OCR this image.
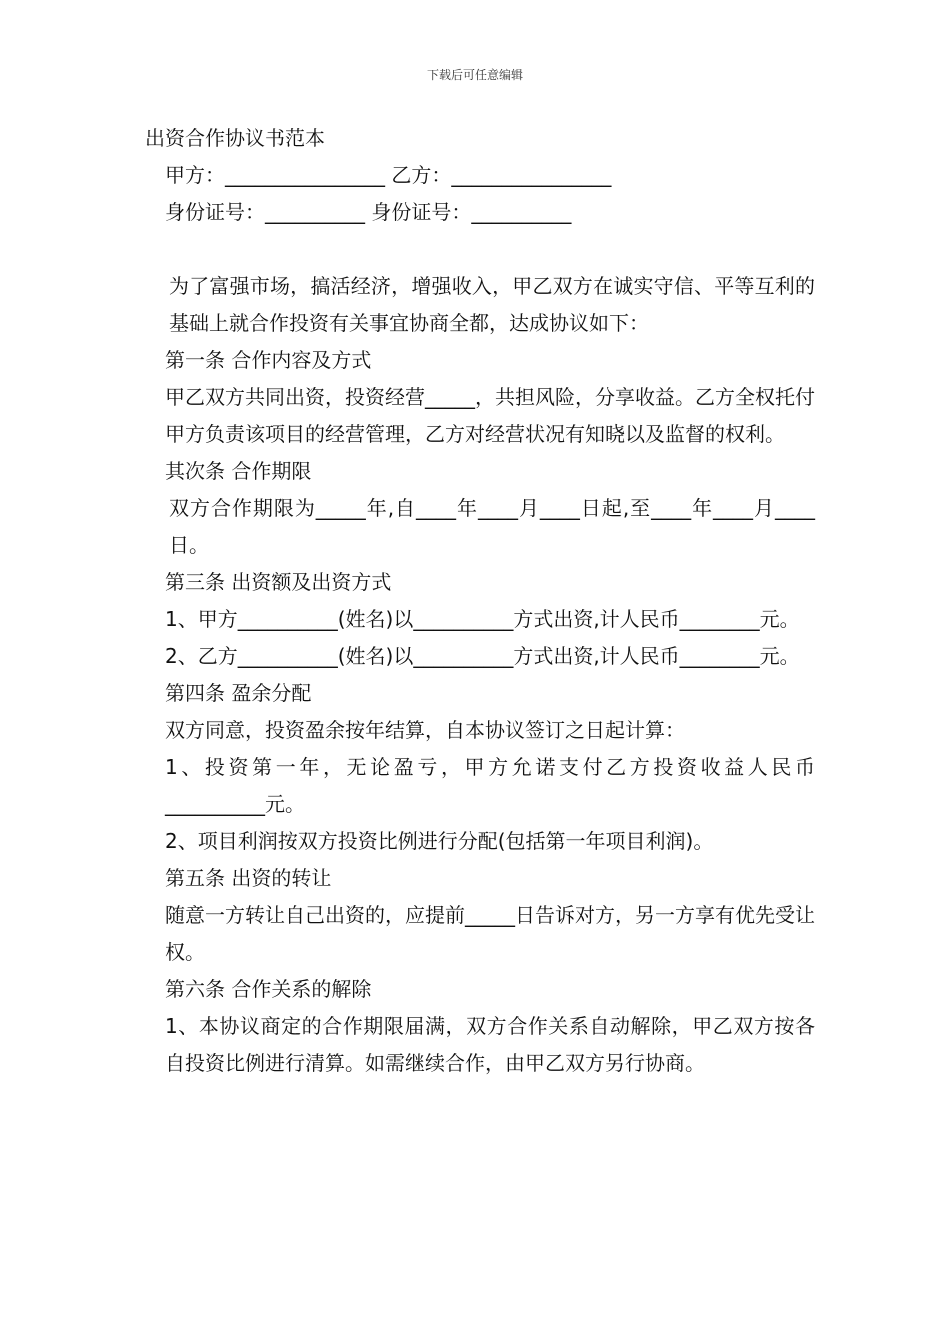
下载后可任意编辑

出资合作协议书范本

甲方：________________ 乙方：________________

身份证号：__________ 身份证号：__________

为了富强市场，搞活经济，增强收入，甲乙双方在诚实守信、平等互利的基础上就合作投资有关事宜协商全都，达成协议如下：

第一条 合作内容及方式

甲乙双方共同出资，投资经营_____，共担风险，分享收益。乙方全权托付甲方负责该项目的经营管理，乙方对经营状况有知晓以及监督的权利。

其次条 合作期限

双方合作期限为_____年,自____年____月____日起,至____年____月____日。

第三条 出资额及出资方式

1、甲方__________(姓名)以__________方式出资,计人民币________元。

2、乙方__________(姓名)以__________方式出资,计人民币________元。

第四条 盈余分配

双方同意，投资盈余按年结算，自本协议签订之日起计算：

1、投资第一年，无论盈亏，甲方允诺支付乙方投资收益人民币__________元。

2、项目利润按双方投资比例进行分配(包括第一年项目利润)。

第五条 出资的转让

随意一方转让自己出资的，应提前_____日告诉对方，另一方享有优先受让权。

第六条 合作关系的解除

1、本协议商定的合作期限届满，双方合作关系自动解除，甲乙双方按各自投资比例进行清算。如需继续合作，由甲乙双方另行协商。
